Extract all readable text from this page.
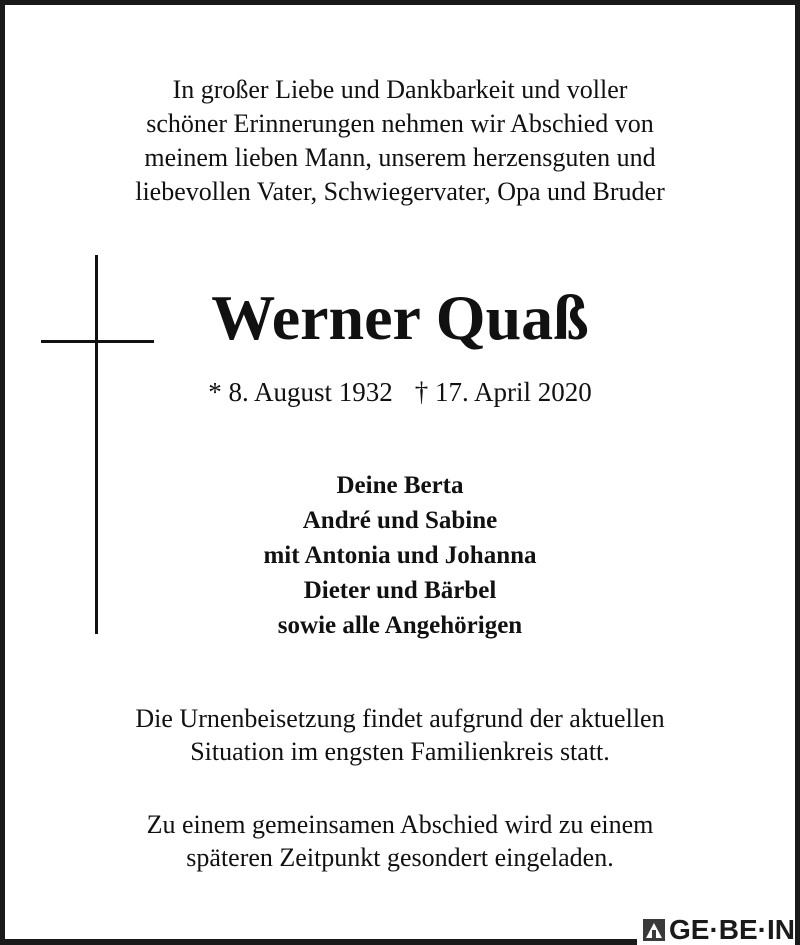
In großer Liebe und Dankbarkeit und voller
schöner Erinnerungen nehmen wir Abschied von
meinem lieben Mann, unserem herzensguten und
liebevollen Vater, Schwiegervater, Opa und Bruder
Werner Quaß
* 8. August 1932 † 17. April 2020
Deine Berta
André und Sabine
mit Antonia und Johanna
Dieter und Bärbel
sowie alle Angehörigen
Die Urnenbeisetzung findet aufgrund der aktuellen
Situation im engsten Familienkreis statt.
Zu einem gemeinsamen Abschied wird zu einem
späteren Zeitpunkt gesondert eingeladen.
GE·BE·IN
